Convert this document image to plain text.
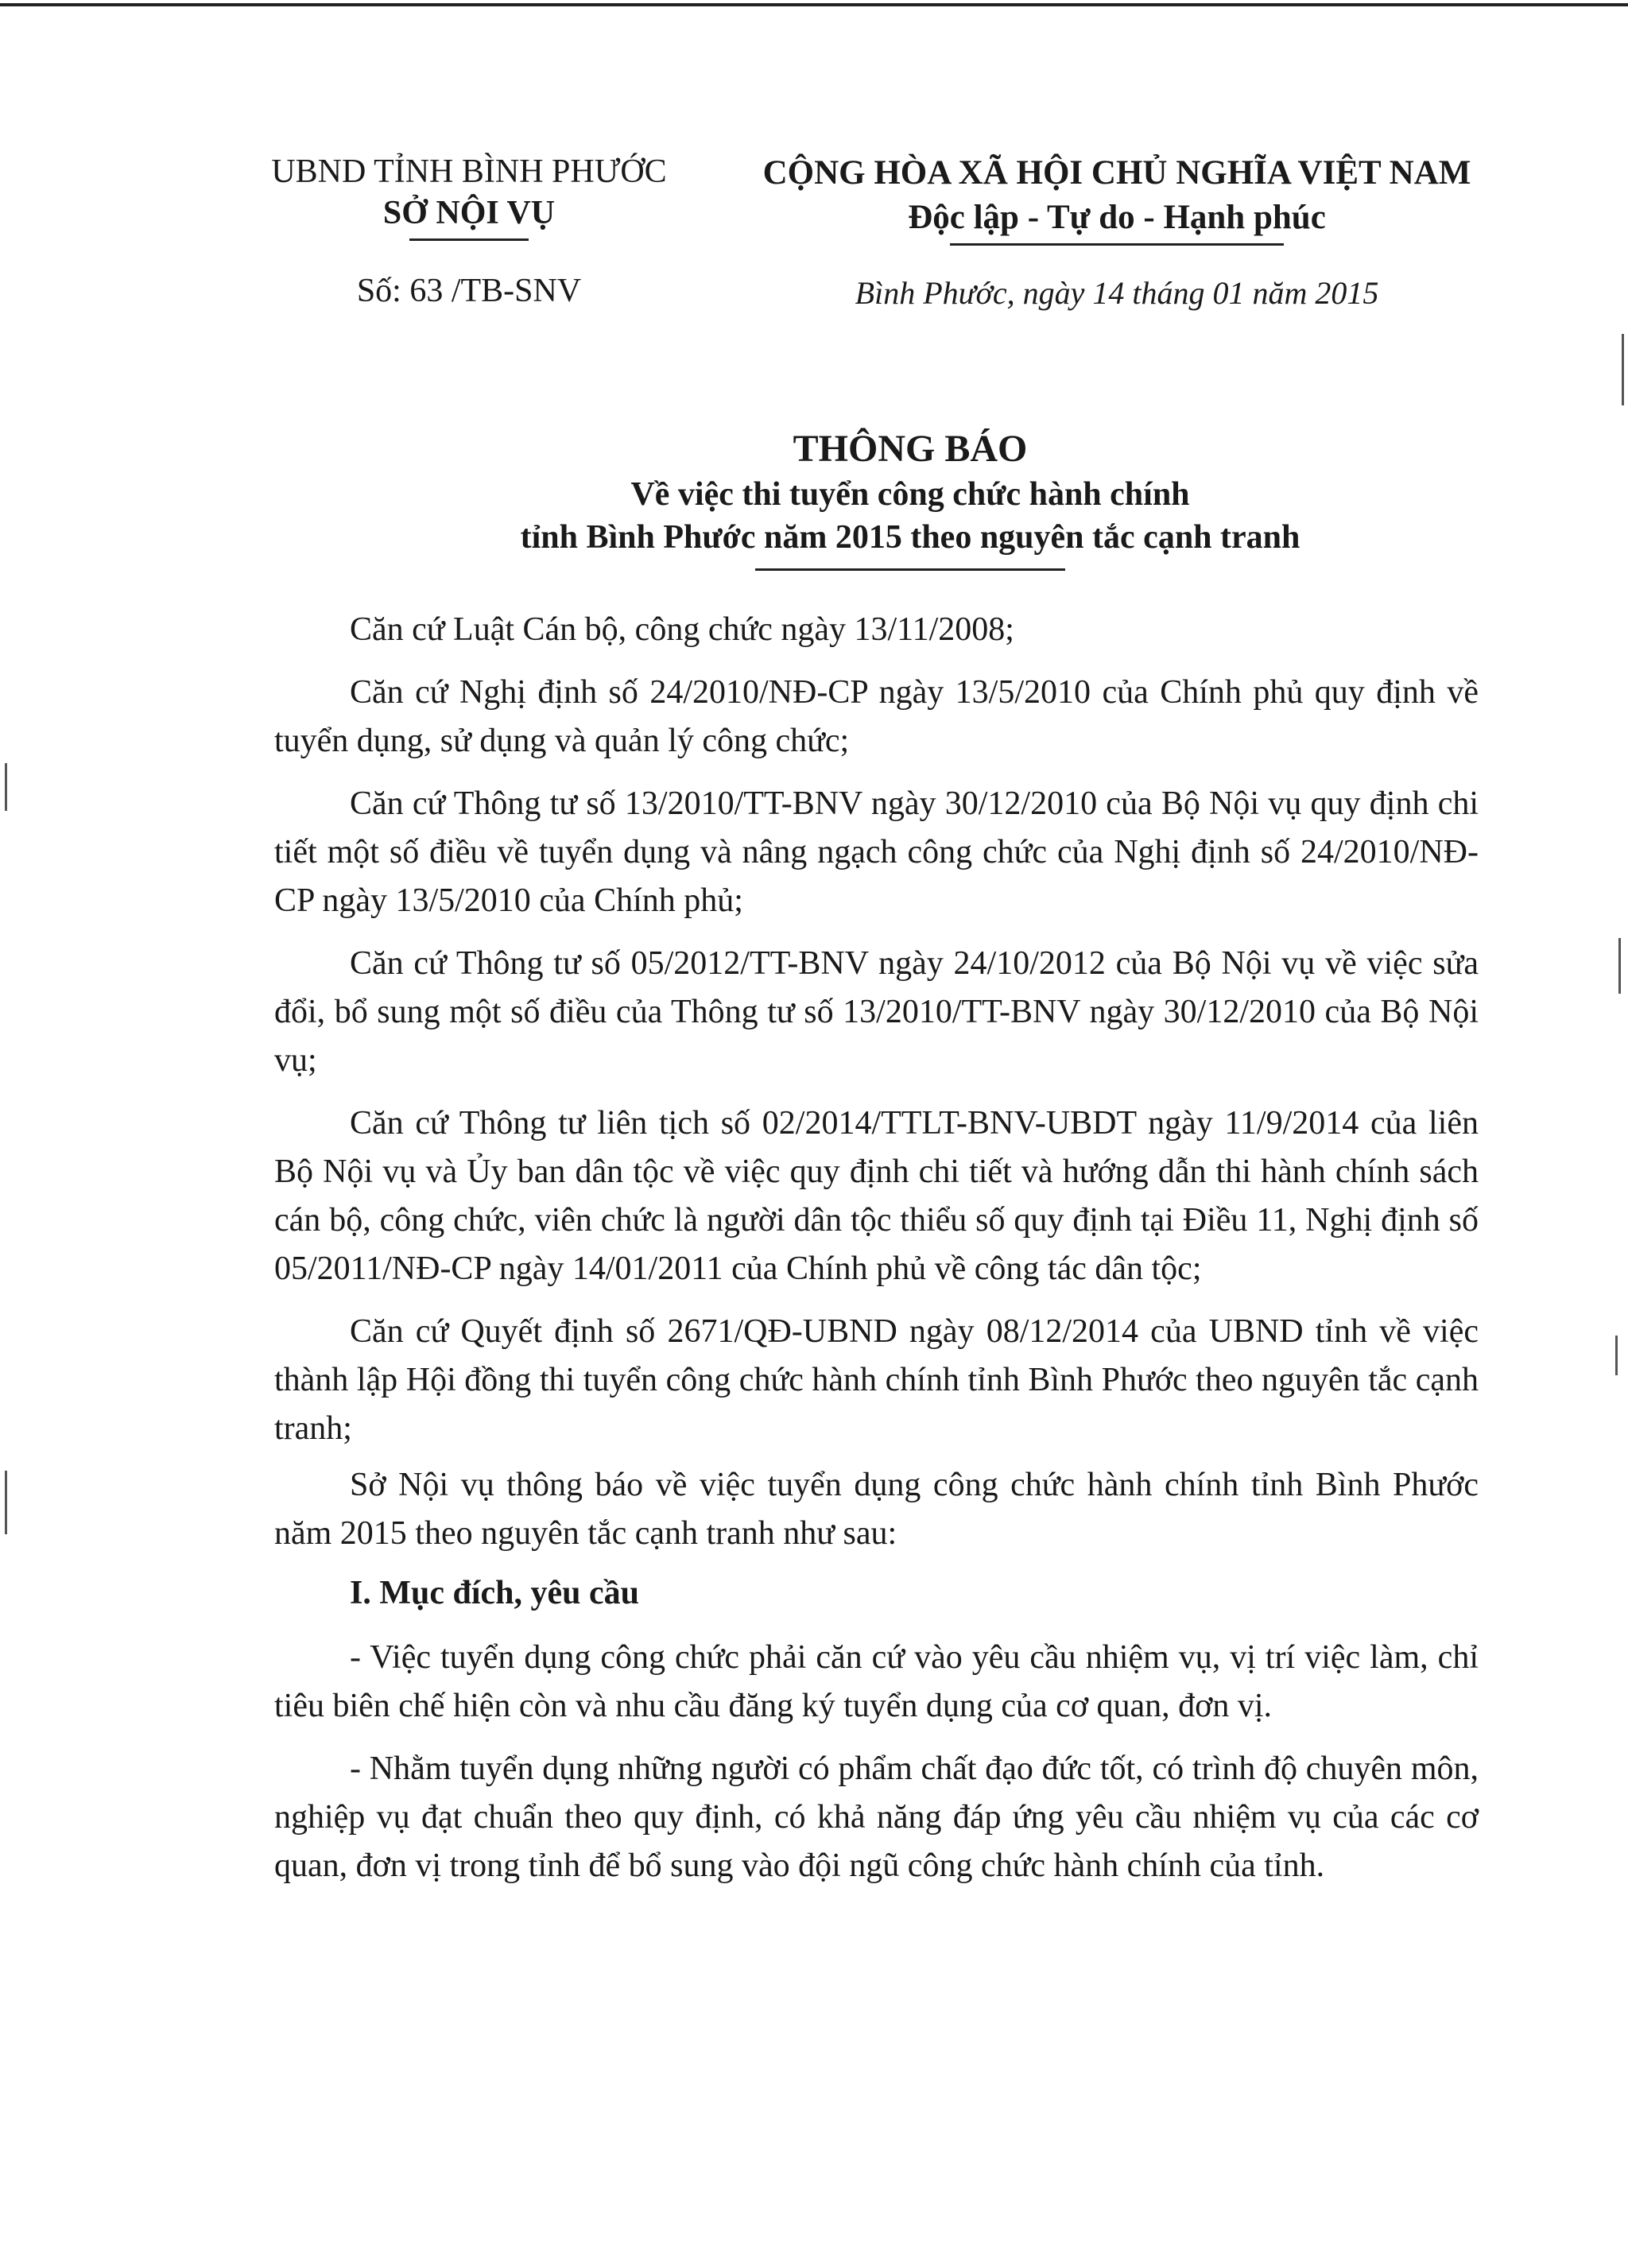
UBND TỈNH BÌNH PHƯỚC
SỞ NỘI VỤ
CỘNG HÒA XÃ HỘI CHỦ NGHĨA VIỆT NAM
Độc lập - Tự do - Hạnh phúc
Số: 63 /TB-SNV	Bình Phước, ngày 14 tháng 01 năm 2015
THÔNG BÁO
Về việc thi tuyển công chức hành chính
tỉnh Bình Phước năm 2015 theo nguyên tắc cạnh tranh

Căn cứ Luật Cán bộ, công chức ngày 13/11/2008;

Căn cứ Nghị định số 24/2010/NĐ-CP ngày 13/5/2010 của Chính phủ quy định về tuyển dụng, sử dụng và quản lý công chức;

Căn cứ Thông tư số 13/2010/TT-BNV ngày 30/12/2010 của Bộ Nội vụ quy định chi tiết một số điều về tuyển dụng và nâng ngạch công chức của Nghị định số 24/2010/NĐ-CP ngày 13/5/2010 của Chính phủ;

Căn cứ Thông tư số 05/2012/TT-BNV ngày 24/10/2012 của Bộ Nội vụ về việc sửa đổi, bổ sung một số điều của Thông tư số 13/2010/TT-BNV ngày 30/12/2010 của Bộ Nội vụ;

Căn cứ Thông tư liên tịch số 02/2014/TTLT-BNV-UBDT ngày 11/9/2014 của liên Bộ Nội vụ và Ủy ban dân tộc về việc quy định chi tiết và hướng dẫn thi hành chính sách cán bộ, công chức, viên chức là người dân tộc thiểu số quy định tại Điều 11, Nghị định số 05/2011/NĐ-CP ngày 14/01/2011 của Chính phủ về công tác dân tộc;

Căn cứ Quyết định số 2671/QĐ-UBND ngày 08/12/2014 của UBND tỉnh về việc thành lập Hội đồng thi tuyển công chức hành chính tỉnh Bình Phước theo nguyên tắc cạnh tranh;

Sở Nội vụ thông báo về việc tuyển dụng công chức hành chính tỉnh Bình Phước năm 2015 theo nguyên tắc cạnh tranh như sau:

I. Mục đích, yêu cầu

- Việc tuyển dụng công chức phải căn cứ vào yêu cầu nhiệm vụ, vị trí việc làm, chỉ tiêu biên chế hiện còn và nhu cầu đăng ký tuyển dụng của cơ quan, đơn vị.

- Nhằm tuyển dụng những người có phẩm chất đạo đức tốt, có trình độ chuyên môn, nghiệp vụ đạt chuẩn theo quy định, có khả năng đáp ứng yêu cầu nhiệm vụ của các cơ quan, đơn vị trong tỉnh để bổ sung vào đội ngũ công chức hành chính của tỉnh.
